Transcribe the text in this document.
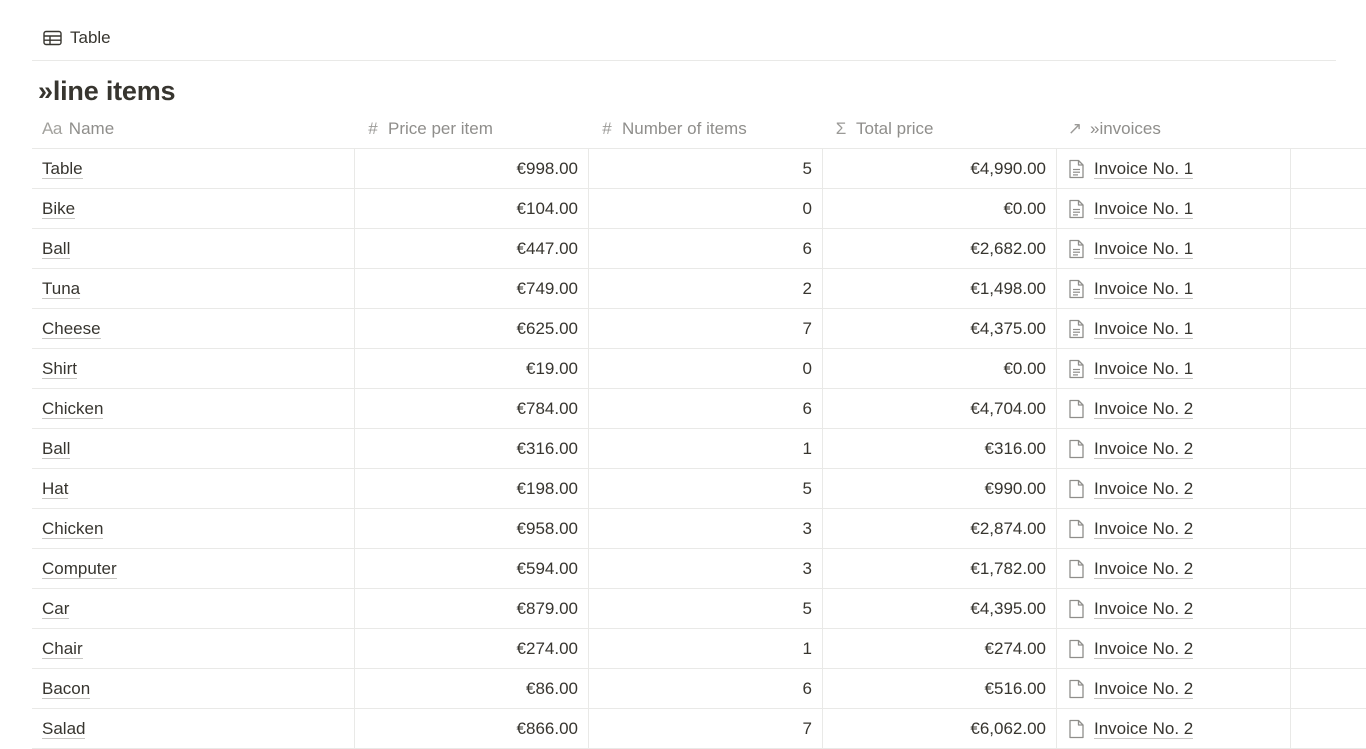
Table
»line items
Aa Name	# Price per item	# Number of items	Σ Total price	↗ »invoices
Table	€998.00	5	€4,990.00	Invoice No. 1
Bike	€104.00	0	€0.00	Invoice No. 1
Ball	€447.00	6	€2,682.00	Invoice No. 1
Tuna	€749.00	2	€1,498.00	Invoice No. 1
Cheese	€625.00	7	€4,375.00	Invoice No. 1
Shirt	€19.00	0	€0.00	Invoice No. 1
Chicken	€784.00	6	€4,704.00	Invoice No. 2
Ball	€316.00	1	€316.00	Invoice No. 2
Hat	€198.00	5	€990.00	Invoice No. 2
Chicken	€958.00	3	€2,874.00	Invoice No. 2
Computer	€594.00	3	€1,782.00	Invoice No. 2
Car	€879.00	5	€4,395.00	Invoice No. 2
Chair	€274.00	1	€274.00	Invoice No. 2
Bacon	€86.00	6	€516.00	Invoice No. 2
Salad	€866.00	7	€6,062.00	Invoice No. 2
